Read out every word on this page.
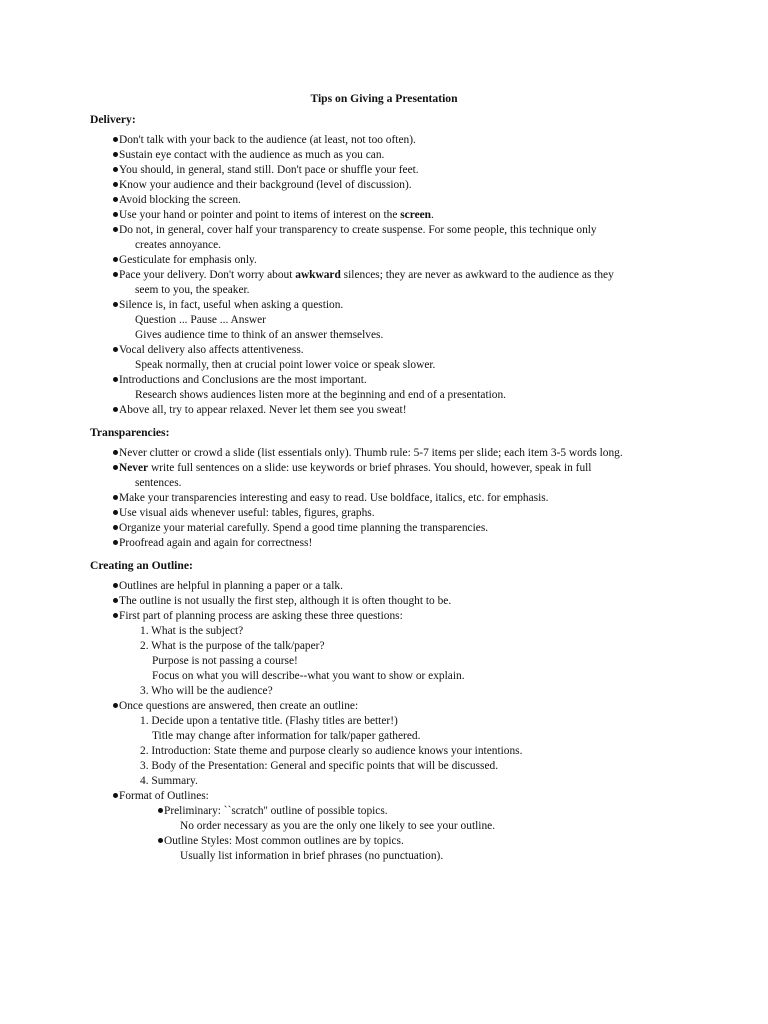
Tips on Giving a Presentation
Delivery:
Don't talk with your back to the audience (at least, not too often).
Sustain eye contact with the audience as much as you can.
You should, in general, stand still. Don't pace or shuffle your feet.
Know your audience and their background (level of discussion).
Avoid blocking the screen.
Use your hand or pointer and point to items of interest on the screen.
Do not, in general, cover half your transparency to create suspense. For some people, this technique only
creates annoyance.
Gesticulate for emphasis only.
Pace your delivery. Don't worry about awkward silences; they are never as awkward to the audience as they
seem to you, the speaker.
Silence is, in fact, useful when asking a question.
Question ... Pause ... Answer
Gives audience time to think of an answer themselves.
Vocal delivery also affects attentiveness.
Speak normally, then at crucial point lower voice or speak slower.
Introductions and Conclusions are the most important.
Research shows audiences listen more at the beginning and end of a presentation.
Above all, try to appear relaxed. Never let them see you sweat!
Transparencies:
Never clutter or crowd a slide (list essentials only). Thumb rule: 5-7 items per slide; each item 3-5 words long.
Never write full sentences on a slide: use keywords or brief phrases. You should, however, speak in full
sentences.
Make your transparencies interesting and easy to read. Use boldface, italics, etc. for emphasis.
Use visual aids whenever useful: tables, figures, graphs.
Organize your material carefully. Spend a good time planning the transparencies.
Proofread again and again for correctness!
Creating an Outline:
Outlines are helpful in planning a paper or a talk.
The outline is not usually the first step, although it is often thought to be.
First part of planning process are asking these three questions:
1. What is the subject?
2. What is the purpose of the talk/paper?
Purpose is not passing a course!
Focus on what you will describe--what you want to show or explain.
3. Who will be the audience?
Once questions are answered, then create an outline:
1. Decide upon a tentative title. (Flashy titles are better!)
Title may change after information for talk/paper gathered.
2. Introduction: State theme and purpose clearly so audience knows your intentions.
3. Body of the Presentation: General and specific points that will be discussed.
4. Summary.
Format of Outlines:
Preliminary: ``scratch'' outline of possible topics.
No order necessary as you are the only one likely to see your outline.
Outline Styles: Most common outlines are by topics.
Usually list information in brief phrases (no punctuation).
